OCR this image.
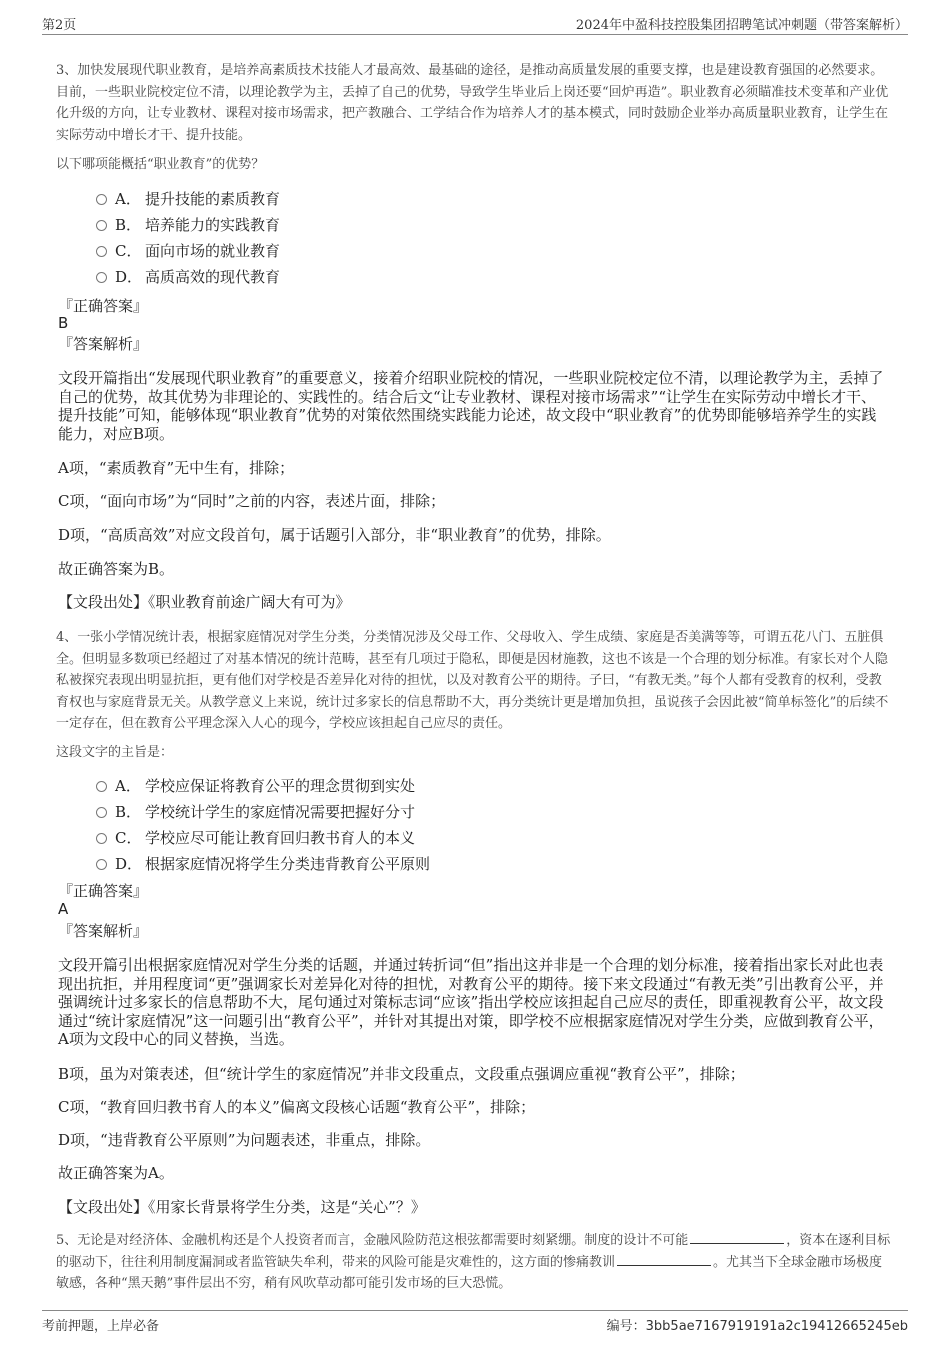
第2页	2024年中盈科技控股集团招聘笔试冲刺题（带答案解析）
3、加快发展现代职业教育，是培养高素质技术技能人才最高效、最基础的途径，是推动高质量发展的重要支撑，也是建设教育强国的必然要求。目前，一些职业院校定位不清，以理论教学为主，丢掉了自己的优势，导致学生毕业后上岗还要“回炉再造”。职业教育必须瞄准技术变革和产业优化升级的方向，让专业教材、课程对接市场需求，把产教融合、工学结合作为培养人才的基本模式，同时鼓励企业举办高质量职业教育，让学生在实际劳动中增长才干、提升技能。
以下哪项能概括“职业教育”的优势？
A． 提升技能的素质教育
B． 培养能力的实践教育
C． 面向市场的就业教育
D． 高质高效的现代教育
『正确答案』
B
『答案解析』
文段开篇指出“发展现代职业教育”的重要意义，接着介绍职业院校的情况，一些职业院校定位不清，以理论教学为主，丢掉了自己的优势，故其优势为非理论的、实践性的。结合后文“让专业教材、课程对接市场需求”“让学生在实际劳动中增长才干、提升技能”可知，能够体现“职业教育”优势的对策依然围绕实践能力论述，故文段中“职业教育”的优势即能够培养学生的实践能力，对应B项。
A项，“素质教育”无中生有，排除；
C项，“面向市场”为“同时”之前的内容，表述片面，排除；
D项，“高质高效”对应文段首句，属于话题引入部分，非“职业教育”的优势，排除。
故正确答案为B。
【文段出处】《职业教育前途广阔大有可为》
4、一张小学情况统计表，根据家庭情况对学生分类，分类情况涉及父母工作、父母收入、学生成绩、家庭是否美满等等，可谓五花八门、五脏俱全。但明显多数项已经超过了对基本情况的统计范畴，甚至有几项过于隐私，即便是因材施教，这也不该是一个合理的划分标准。有家长对个人隐私被探究表现出明显抗拒，更有他们对学校是否差异化对待的担忧，以及对教育公平的期待。子曰，“有教无类。”每个人都有受教育的权利，受教育权也与家庭背景无关。从教学意义上来说，统计过多家长的信息帮助不大，再分类统计更是增加负担，虽说孩子会因此被“简单标签化”的后续不一定存在，但在教育公平理念深入人心的现今，学校应该担起自己应尽的责任。
这段文字的主旨是：
A． 学校应保证将教育公平的理念贯彻到实处
B． 学校统计学生的家庭情况需要把握好分寸
C． 学校应尽可能让教育回归教书育人的本义
D． 根据家庭情况将学生分类违背教育公平原则
『正确答案』
A
『答案解析』
文段开篇引出根据家庭情况对学生分类的话题，并通过转折词“但”指出这并非是一个合理的划分标准，接着指出家长对此也表现出抗拒，并用程度词“更”强调家长对差异化对待的担忧，对教育公平的期待。接下来文段通过“有教无类”引出教育公平，并强调统计过多家长的信息帮助不大，尾句通过对策标志词“应该”指出学校应该担起自己应尽的责任，即重视教育公平，故文段通过“统计家庭情况”这一问题引出“教育公平”，并针对其提出对策，即学校不应根据家庭情况对学生分类，应做到教育公平，A项为文段中心的同义替换，当选。
B项，虽为对策表述，但“统计学生的家庭情况”并非文段重点，文段重点强调应重视“教育公平”，排除；
C项，“教育回归教书育人的本义”偏离文段核心话题“教育公平”，排除；
D项，“违背教育公平原则”为问题表述，非重点，排除。
故正确答案为A。
【文段出处】《用家长背景将学生分类，这是“关心”？》
5、无论是对经济体、金融机构还是个人投资者而言，金融风险防范这根弦都需要时刻紧绷。制度的设计不可能	，资本在逐利目标的驱动下，往往利用制度漏洞或者监管缺失牟利，带来的风险可能是灾难性的，这方面的惨痛教训	。尤其当下全球金融市场极度敏感，各种“黑天鹅”事件层出不穷，稍有风吹草动都可能引发市场的巨大恐慌。
考前押题，上岸必备	编号：3bb5ae7167919191a2c19412665245eb
